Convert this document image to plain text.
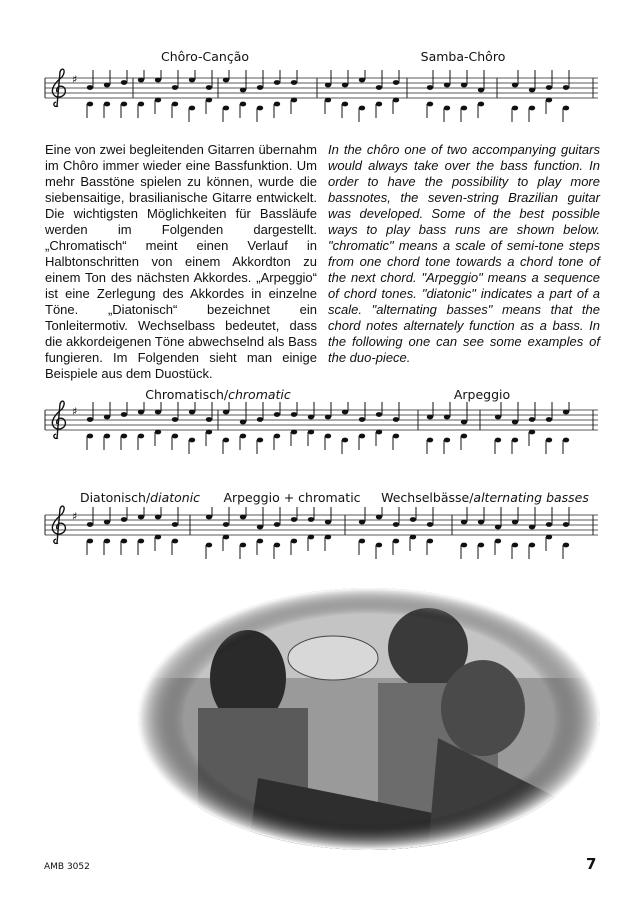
Chôro-Canção	Samba-Chôro
♯
Eine von zwei begleitenden Gitarren übernahm im Chôro immer wieder eine Bassfunktion. Um mehr Basstöne spielen zu können, wurde die siebensaitige, brasilianische Gitarre entwickelt. Die wichtigsten Möglichkeiten für Bassläufe werden im Folgenden dargestellt. „Chromatisch“ meint einen Verlauf in Halbtonschritten von einem Akkordton zu einem Ton des nächsten Akkordes. „Arpeggio“ ist eine Zerlegung des Akkordes in einzelne Töne. „Diatonisch“ bezeichnet ein Tonleitermotiv. Wechselbass bedeutet, dass die akkordeigenen Töne abwechselnd als Bass fungieren. Im Folgenden sieht man einige Beispiele aus dem Duostück.
In the chôro one of two accompanying guitars would always take over the bass function. In order to have the possibility to play more bassnotes, the seven-string Brazilian guitar was developed. Some of the best possible ways to play bass runs are shown below. "chromatic" means a scale of semi-tone steps from one chord tone towards a chord tone of the next chord. "Arpeggio" means a sequence of chord tones. "diatonic" indicates a part of a scale. "alternating basses" means that the chord notes alternately function as a bass. In the following one can see some examples of the duo-piece.
Chromatisch/chromatic	Arpeggio
♯
Diatonisch/diatonic Arpeggio + chromatic Wechselbässe/alternating basses
♯
AMB 3052	7
